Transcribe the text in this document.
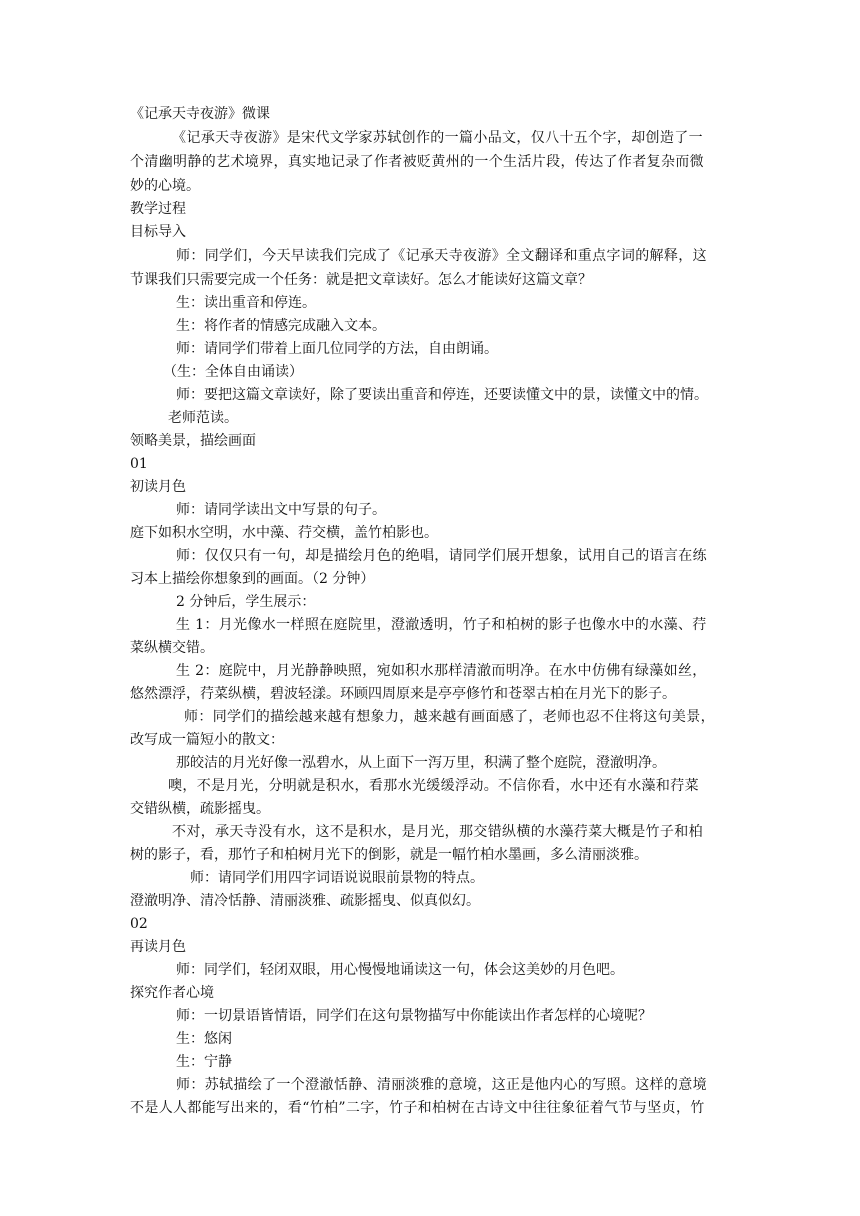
《记承天寺夜游》微课
《记承天寺夜游》是宋代文学家苏轼创作的一篇小品文，仅八十五个字，却创造了一
个清幽明静的艺术境界，真实地记录了作者被贬黄州的一个生活片段，传达了作者复杂而微
妙的心境。
教学过程
目标导入
师：同学们，今天早读我们完成了《记承天寺夜游》全文翻译和重点字词的解释，这
节课我们只需要完成一个任务：就是把文章读好。怎么才能读好这篇文章？
生：读出重音和停连。
生：将作者的情感完成融入文本。
师：请同学们带着上面几位同学的方法，自由朗诵。
（生：全体自由诵读）
师：要把这篇文章读好，除了要读出重音和停连，还要读懂文中的景，读懂文中的情。
老师范读。
领略美景，描绘画面
01
初读月色
师：请同学读出文中写景的句子。
庭下如积水空明，水中藻、荇交横，盖竹柏影也。
师：仅仅只有一句，却是描绘月色的绝唱，请同学们展开想象，试用自己的语言在练
习本上描绘你想象到的画面。（2 分钟）
2 分钟后，学生展示：
生 1：月光像水一样照在庭院里，澄澈透明，竹子和柏树的影子也像水中的水藻、荇
菜纵横交错。
生 2：庭院中，月光静静映照，宛如积水那样清澈而明净。在水中仿佛有绿藻如丝，
悠然漂浮，荇菜纵横，碧波轻漾。环顾四周原来是亭亭修竹和苍翠古柏在月光下的影子。
师：同学们的描绘越来越有想象力，越来越有画面感了，老师也忍不住将这句美景，
改写成一篇短小的散文：
那皎洁的月光好像一泓碧水，从上面下一泻万里，积满了整个庭院，澄澈明净。
噢，不是月光，分明就是积水，看那水光缓缓浮动。不信你看，水中还有水藻和荇菜
交错纵横，疏影摇曳。
不对，承天寺没有水，这不是积水，是月光，那交错纵横的水藻荇菜大概是竹子和柏
树的影子，看，那竹子和柏树月光下的倒影，就是一幅竹柏水墨画，多么清丽淡雅。
师：请同学们用四字词语说说眼前景物的特点。
澄澈明净、清冷恬静、清丽淡雅、疏影摇曳、似真似幻。
02
再读月色
师：同学们，轻闭双眼，用心慢慢地诵读这一句，体会这美妙的月色吧。
探究作者心境
师：一切景语皆情语，同学们在这句景物描写中你能读出作者怎样的心境呢？
生：悠闲
生：宁静
师：苏轼描绘了一个澄澈恬静、清丽淡雅的意境，这正是他内心的写照。这样的意境
不是人人都能写出来的，看“竹柏”二字，竹子和柏树在古诗文中往往象征着气节与坚贞，竹
